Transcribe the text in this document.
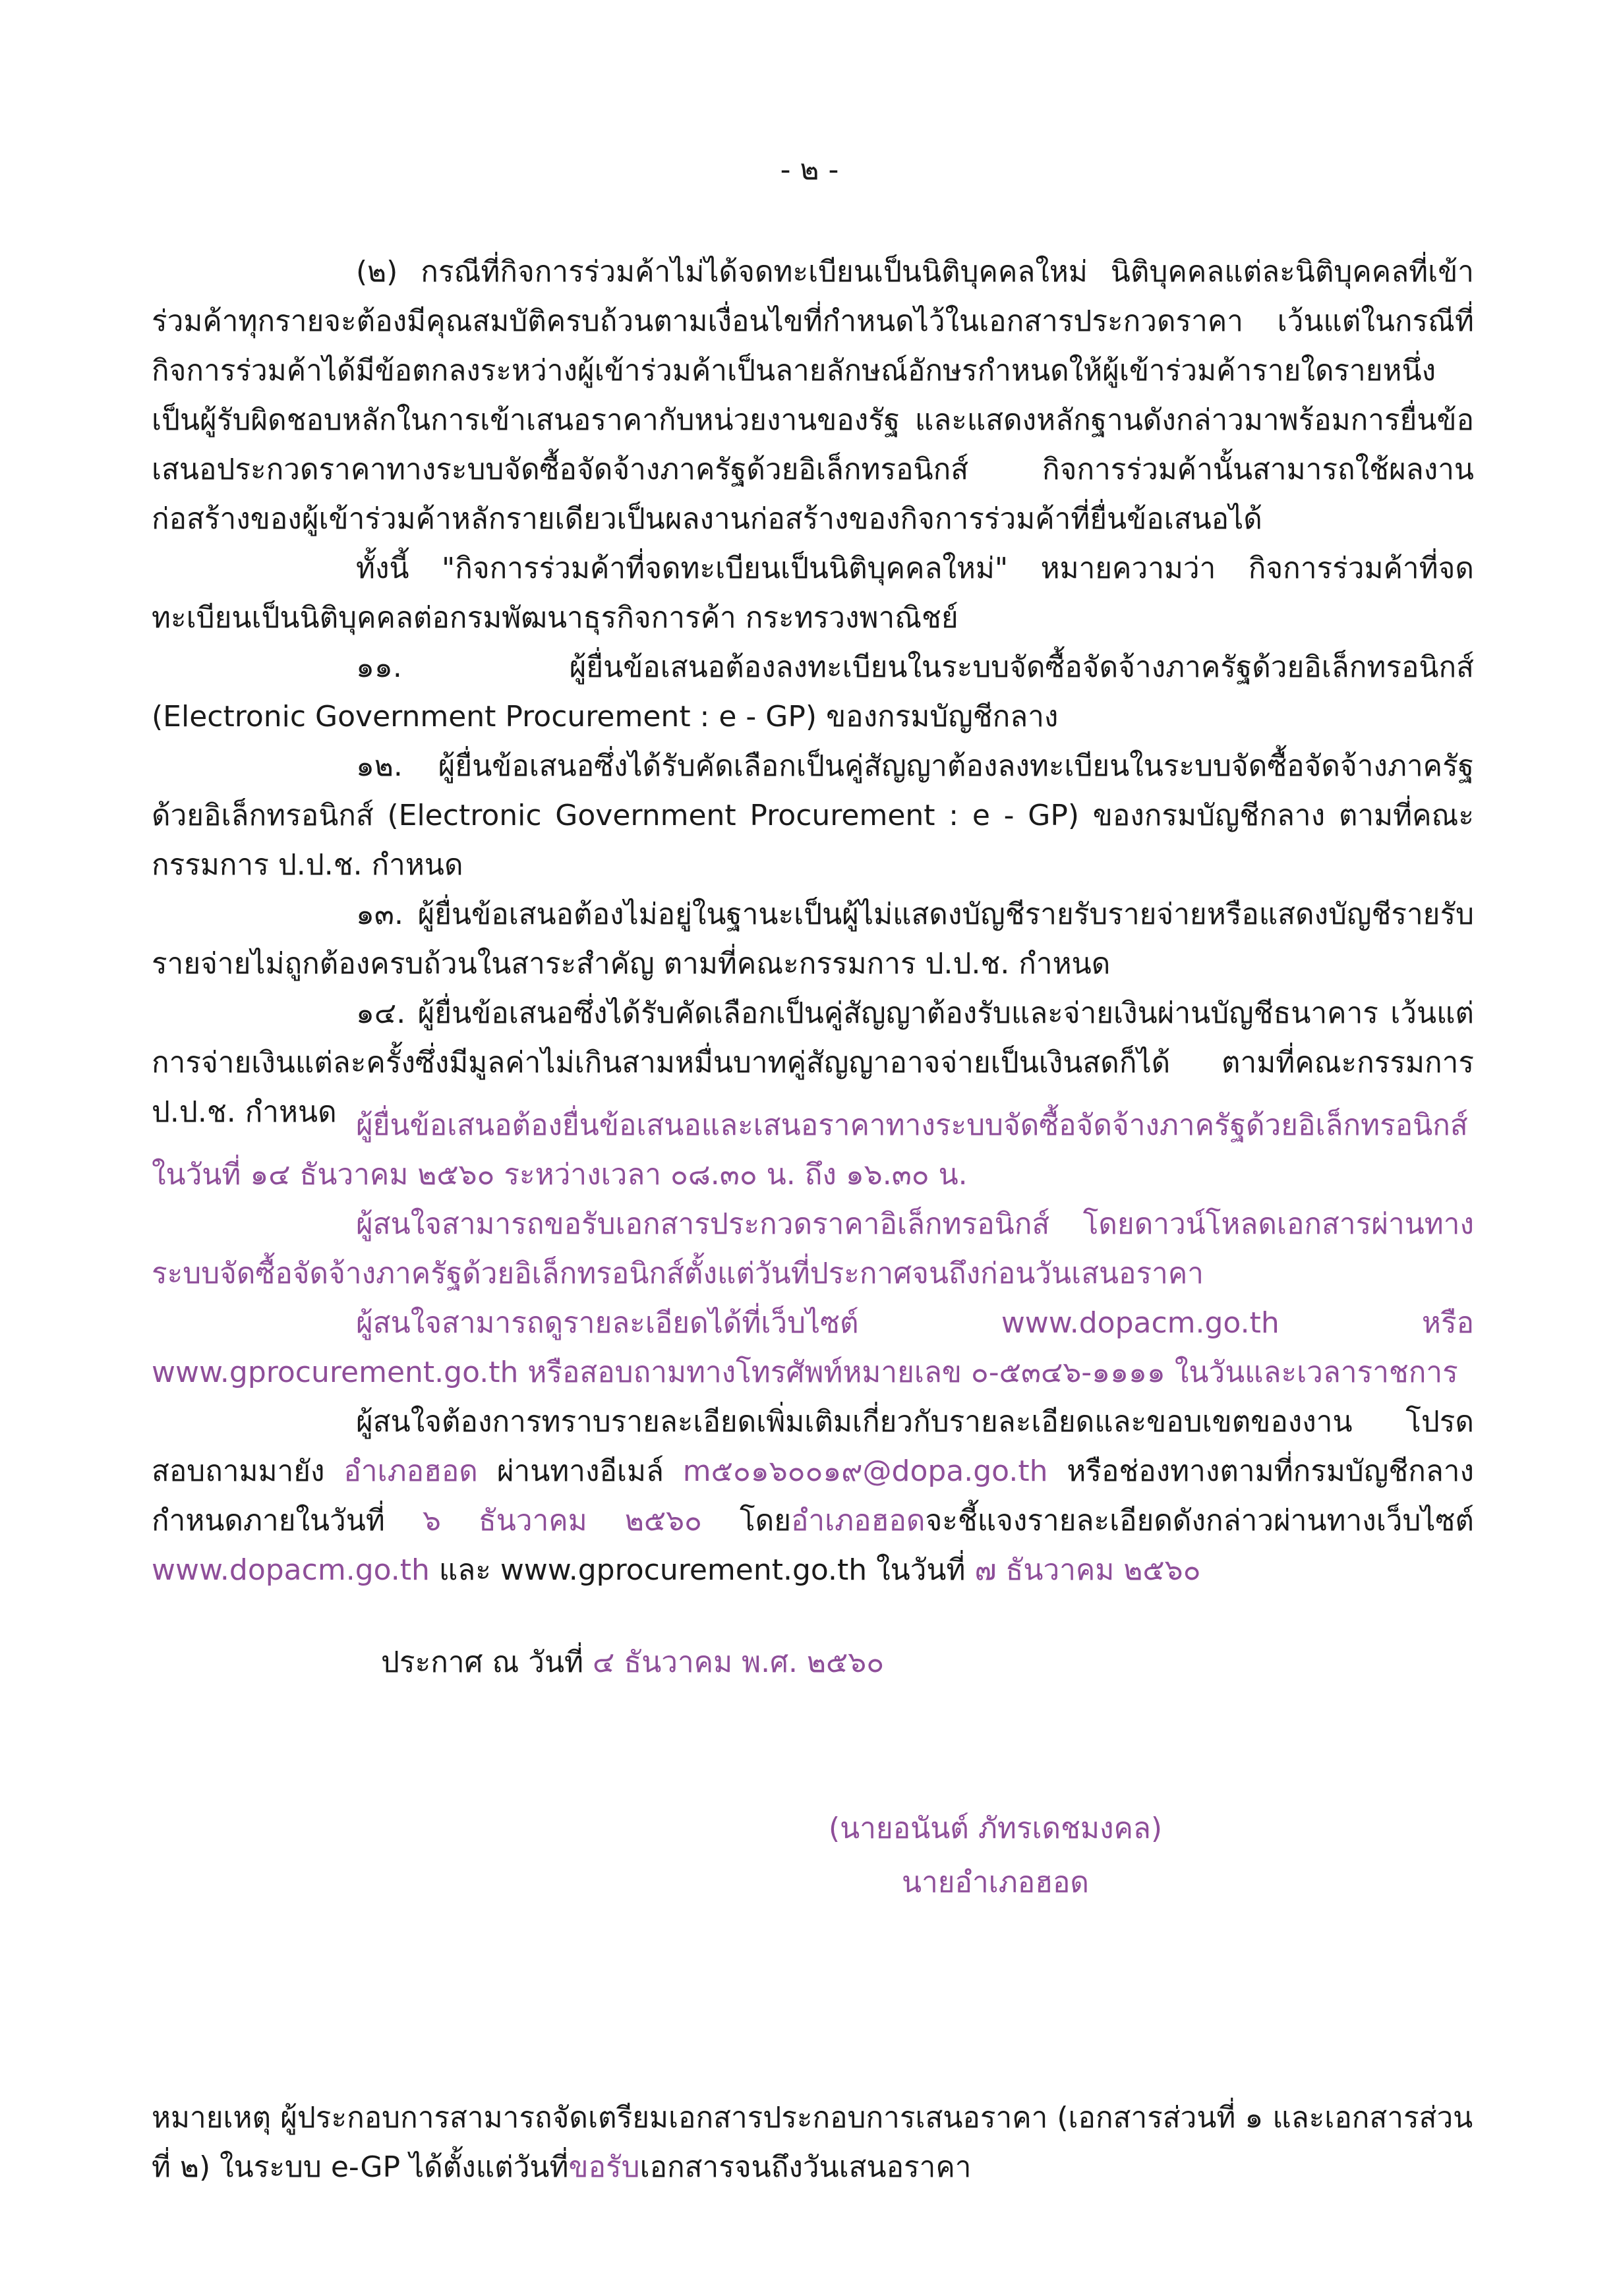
- ๒ -

(๒) กรณีที่กิจการร่วมค้าไม่ได้จดทะเบียนเป็นนิติบุคคลใหม่ นิติบุคคลแต่ละนิติบุคคลที่เข้าร่วมค้าทุกรายจะต้องมีคุณสมบัติครบถ้วนตามเงื่อนไขที่กำหนดไว้ในเอกสารประกวดราคา เว้นแต่ในกรณีที่กิจการร่วมค้าได้มีข้อตกลงระหว่างผู้เข้าร่วมค้าเป็นลายลักษณ์อักษรกำหนดให้ผู้เข้าร่วมค้ารายใดรายหนึ่งเป็นผู้รับผิดชอบหลักในการเข้าเสนอราคากับหน่วยงานของรัฐ และแสดงหลักฐานดังกล่าวมาพร้อมการยื่นข้อเสนอประกวดราคาทางระบบจัดซื้อจัดจ้างภาครัฐด้วยอิเล็กทรอนิกส์ กิจการร่วมค้านั้นสามารถใช้ผลงานก่อสร้างของผู้เข้าร่วมค้าหลักรายเดียวเป็นผลงานก่อสร้างของกิจการร่วมค้าที่ยื่นข้อเสนอได้

ทั้งนี้ "กิจการร่วมค้าที่จดทะเบียนเป็นนิติบุคคลใหม่" หมายความว่า กิจการร่วมค้าที่จดทะเบียนเป็นนิติบุคคลต่อกรมพัฒนาธุรกิจการค้า กระทรวงพาณิชย์

๑๑. ผู้ยื่นข้อเสนอต้องลงทะเบียนในระบบจัดซื้อจัดจ้างภาครัฐด้วยอิเล็กทรอนิกส์ (Electronic Government Procurement : e - GP) ของกรมบัญชีกลาง

๑๒. ผู้ยื่นข้อเสนอซึ่งได้รับคัดเลือกเป็นคู่สัญญาต้องลงทะเบียนในระบบจัดซื้อจัดจ้างภาครัฐด้วยอิเล็กทรอนิกส์ (Electronic Government Procurement : e - GP) ของกรมบัญชีกลาง ตามที่คณะกรรมการ ป.ป.ช. กำหนด

๑๓. ผู้ยื่นข้อเสนอต้องไม่อยู่ในฐานะเป็นผู้ไม่แสดงบัญชีรายรับรายจ่ายหรือแสดงบัญชีรายรับรายจ่ายไม่ถูกต้องครบถ้วนในสาระสำคัญ ตามที่คณะกรรมการ ป.ป.ช. กำหนด

๑๔. ผู้ยื่นข้อเสนอซึ่งได้รับคัดเลือกเป็นคู่สัญญาต้องรับและจ่ายเงินผ่านบัญชีธนาคาร เว้นแต่การจ่ายเงินแต่ละครั้งซึ่งมีมูลค่าไม่เกินสามหมื่นบาทคู่สัญญาอาจจ่ายเป็นเงินสดก็ได้ ตามที่คณะกรรมการ ป.ป.ช. กำหนด ผู้ยื่นข้อเสนอต้องยื่นข้อเสนอและเสนอราคาทางระบบจัดซื้อจัดจ้างภาครัฐด้วยอิเล็กทรอนิกส์ ในวันที่ ๑๔ ธันวาคม ๒๕๖๐ ระหว่างเวลา ๐๘.๓๐ น. ถึง ๑๖.๓๐ น.

ผู้สนใจสามารถขอรับเอกสารประกวดราคาอิเล็กทรอนิกส์ โดยดาวน์โหลดเอกสารผ่านทางระบบจัดซื้อจัดจ้างภาครัฐด้วยอิเล็กทรอนิกส์ตั้งแต่วันที่ประกาศจนถึงก่อนวันเสนอราคา

ผู้สนใจสามารถดูรายละเอียดได้ที่เว็บไซต์ www.dopacm.go.th หรือ www.gprocurement.go.th หรือสอบถามทางโทรศัพท์หมายเลข ๐-๕๓๔๖-๑๑๑๑ ในวันและเวลาราชการ

ผู้สนใจต้องการทราบรายละเอียดเพิ่มเติมเกี่ยวกับรายละเอียดและขอบเขตของงาน โปรดสอบถามมายัง อำเภอฮอด ผ่านทางอีเมล์ m๕๐๑๖๐๐๑๙@dopa.go.th หรือช่องทางตามที่กรมบัญชีกลางกำหนดภายในวันที่ ๖ ธันวาคม ๒๕๖๐ โดยอำเภอฮอดจะชี้แจงรายละเอียดดังกล่าวผ่านทางเว็บไซต์ www.dopacm.go.th และ www.gprocurement.go.th ในวันที่ ๗ ธันวาคม ๒๕๖๐

ประกาศ ณ วันที่ ๔ ธันวาคม พ.ศ. ๒๕๖๐
(นายอนันต์ ภัทรเดชมงคล)
นายอำเภอฮอด

หมายเหตุ ผู้ประกอบการสามารถจัดเตรียมเอกสารประกอบการเสนอราคา (เอกสารส่วนที่ ๑ และเอกสารส่วนที่ ๒) ในระบบ e-GP ได้ตั้งแต่วันที่ขอรับเอกสารจนถึงวันเสนอราคา
